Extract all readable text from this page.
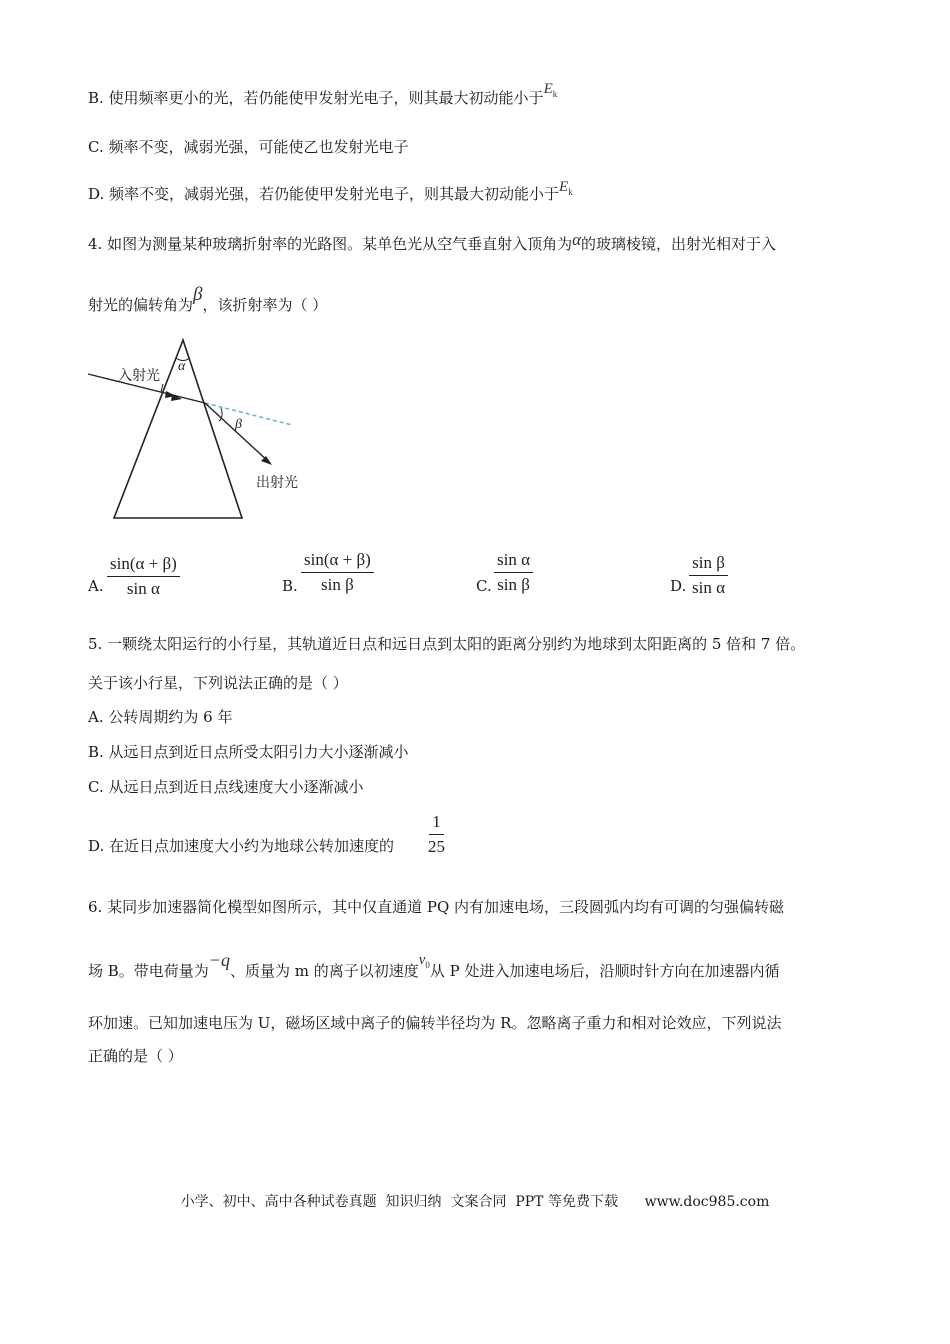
B. 使用频率更小的光，若仍能使甲发射光电子，则其最大初动能小于$E_k$
C. 频率不变，减弱光强，可能使乙也发射光电子
D. 频率不变，减弱光强，若仍能使甲发射光电子，则其最大初动能小于$E_k$
4. 如图为测量某种玻璃折射率的光路图。某单色光从空气垂直射入顶角为α的玻璃棱镜，出射光相对于入
射光的偏转角为β，该折射率为（ ）
α
β
入射光
出射光
A. $\frac{\sin(\alpha + \beta)}{\text{sin α}}$	B. $\frac{\sin(\alpha + \beta)}{\text{sin β}}$	C. $\frac{\text{sin α}}{\text{sin β}}$	D. $\frac{\text{sin β}}{\text{sin α}}$
5. 一颗绕太阳运行的小行星，其轨道近日点和远日点到太阳的距离分别约为地球到太阳距离的 5 倍和 7 倍。
关于该小行星，下列说法正确的是（ ）
A. 公转周期约为 6 年
B. 从远日点到近日点所受太阳引力大小逐渐减小
C. 从远日点到近日点线速度大小逐渐减小
D. 在近日点加速度大小约为地球公转加速度的 $\frac{1}{25}$
6. 某同步加速器简化模型如图所示，其中仅直通道 PQ 内有加速电场，三段圆弧内均有可调的匀强偏转磁
场 B。带电荷量为−q、质量为 m 的离子以初速度$v_0$从 P 处进入加速电场后，沿顺时针方向在加速器内循
环加速。已知加速电压为 U，磁场区域中离子的偏转半径均为 R。忽略离子重力和相对论效应，下列说法
正确的是（ ）
小学、初中、高中各种试卷真题  知识归纳  文案合同  PPT 等免费下载      www.doc985.com
